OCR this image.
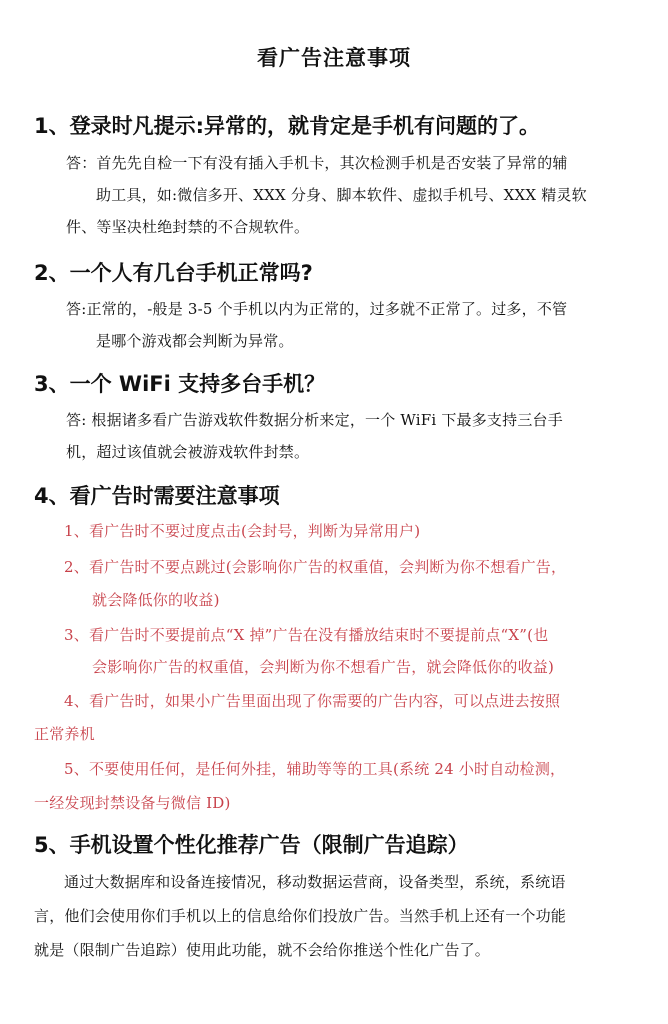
看广告注意事项
1、登录时凡提示:异常的，就肯定是手机有问题的了。
答：首先先自检一下有没有插入手机卡，其次检测手机是否安装了异常的辅
助工具，如:微信多开、XXX 分身、脚本软件、虚拟手机号、XXX 精灵软
件、等坚决杜绝封禁的不合规软件。
2、一个人有几台手机正常吗?
答:正常的，-般是 3-5 个手机以内为正常的，过多就不正常了。过多，不管
是哪个游戏都会判断为异常。
3、一个 WiFi 支持多台手机？
答: 根据诸多看广告游戏软件数据分析来定，一个 WiFi 下最多支持三台手
机，超过该值就会被游戏软件封禁。
4、看广告时需要注意事项
1、看广告时不要过度点击(会封号，判断为异常用户)
2、看广告时不要点跳过(会影响你广告的权重值，会判断为你不想看广告，
就会降低你的收益)
3、看广告时不要提前点“X 掉”广告在没有播放结束时不要提前点“X”(也
会影响你广告的权重值，会判断为你不想看广告，就会降低你的收益)
4、看广告时，如果小广告里面出现了你需要的广告内容，可以点进去按照
正常养机
5、不要使用任何，是任何外挂，辅助等等的工具(系统 24 小时自动检测，
一经发现封禁设备与微信 ID)
5、手机设置个性化推荐广告（限制广告追踪）
通过大数据库和设备连接情况，移动数据运营商，设备类型，系统，系统语
言，他们会使用你们手机以上的信息给你们投放广告。当然手机上还有一个功能
就是（限制广告追踪）使用此功能，就不会给你推送个性化广告了。
